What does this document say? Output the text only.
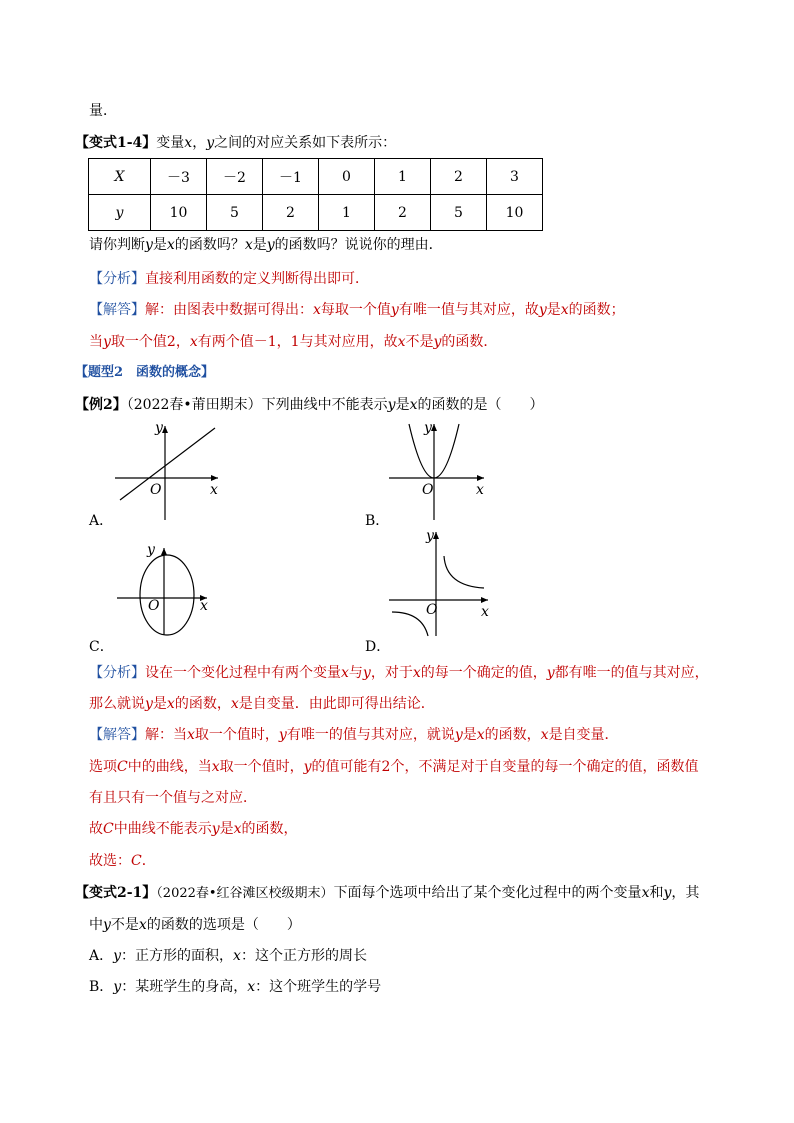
量．
【变式1-4】变量x，y之间的对应关系如下表所示：
X	－3	－2	－1	0	1	2	3
y	10	5	2	1	2	5	10
请你判断y是x的函数吗？x是y的函数吗？说说你的理由．
【分析】直接利用函数的定义判断得出即可．
【解答】解：由图表中数据可得出：x每取一个值y有唯一值与其对应，故y是x的函数；
当y取一个值2，x有两个值－1，1与其对应用，故x不是y的函数．
【题型2　函数的概念】
【例2】（2022春•莆田期末）下列曲线中不能表示y是x的函数的是（　　）
y
x
O
A．
y
x
O
B．
y
x
O
C．
y
x
O
D．
【分析】设在一个变化过程中有两个变量x与y，对于x的每一个确定的值，y都有唯一的值与其对应，
那么就说y是x的函数，x是自变量．由此即可得出结论．
【解答】解：当x取一个值时，y有唯一的值与其对应，就说y是x的函数，x是自变量．
选项C中的曲线，当x取一个值时，y的值可能有2个，不满足对于自变量的每一个确定的值，函数值
有且只有一个值与之对应．
故C中曲线不能表示y是x的函数，
故选：C．
【变式2-1】（2022春•红谷滩区校级期末）下面每个选项中给出了某个变化过程中的两个变量x和y，其
中y不是x的函数的选项是（　　）
A．y：正方形的面积，x：这个正方形的周长
B．y：某班学生的身高，x：这个班学生的学号
